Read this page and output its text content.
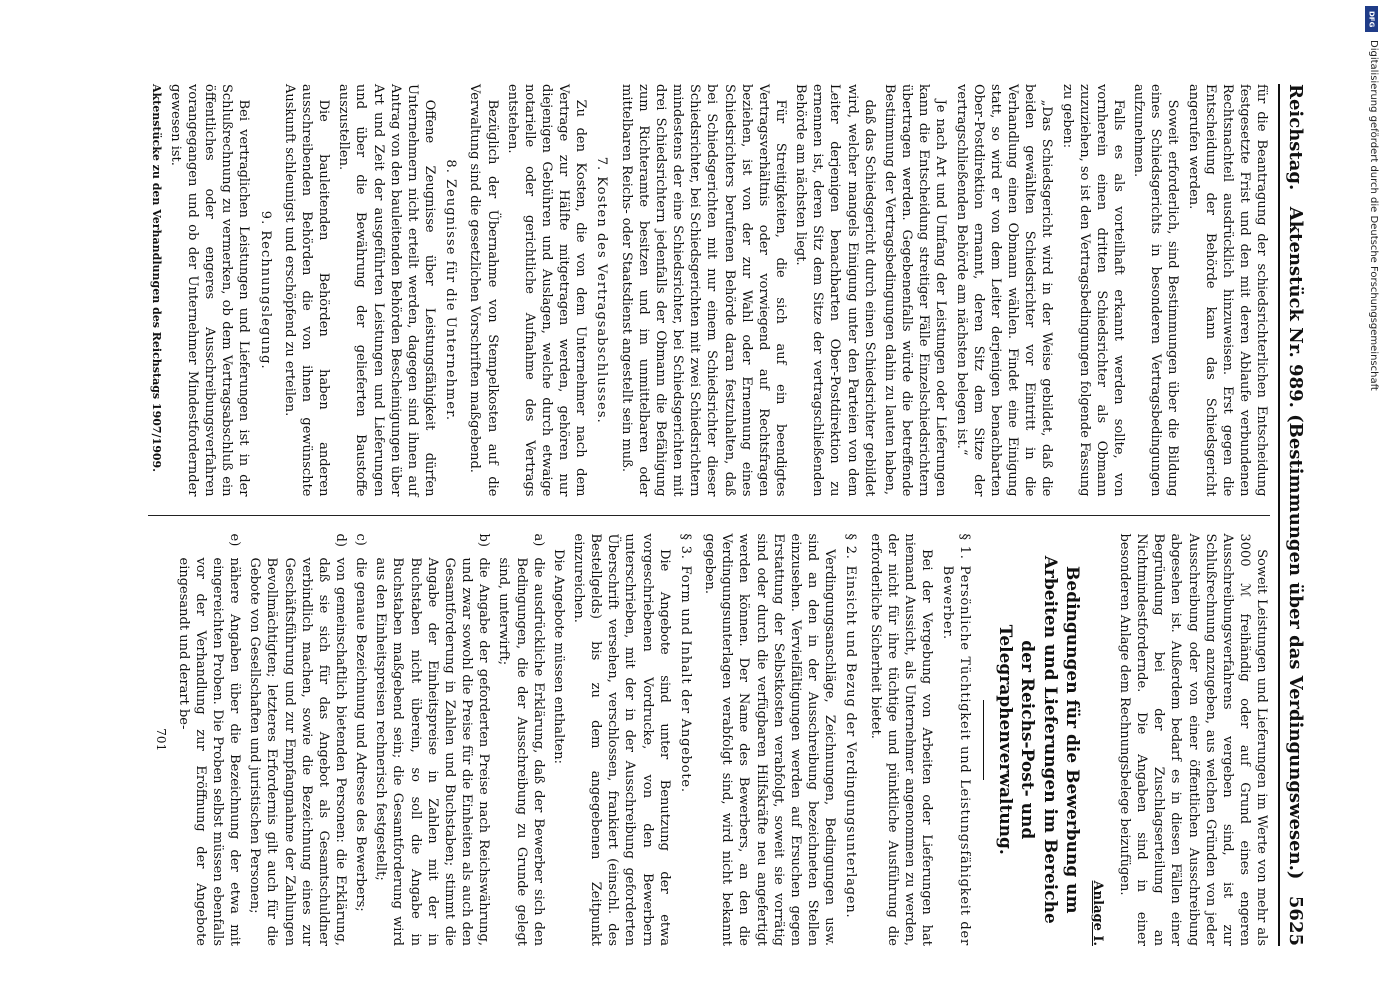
Reichstag.
Aktenstück Nr. 989. (Bestimmungen über das Verdingungswesen.)
5625

für die Beantragung der schiedsrichterlichen Entscheidung festgesetzte Frist und den mit deren Ablaufe verbundenen Rechtsnachteil ausdrücklich hinzuweisen. Erst gegen die Entscheidung der Behörde kann das Schiedsgericht angerufen werden.

Soweit erforderlich, sind Bestimmungen über die Bildung eines Schiedsgerichts in besonderen Vertragsbedingungen aufzunehmen.

Falls es als vorteilhaft erkannt werden sollte, von vornherein einen dritten Schiedsrichter als Obmann zuzuziehen, so ist den Vertragsbedingungen folgende Fassung zu geben:

„Das Schiedsgericht wird in der Weise gebildet, daß die beiden gewählten Schiedsrichter vor Eintritt in die Verhandlung einen Obmann wählen. Findet eine Einigung statt, so wird er von dem Leiter derjenigen benachbarten Ober-Postdirektion ernannt, deren Sitz dem Sitze der vertragschließenden Behörde am nächsten belegen ist.“

Je nach Art und Umfang der Leistungen oder Lieferungen kann die Entscheidung streitiger Fälle Einzelschiedsrichtern übertragen werden. Gegebenenfalls würde die betreffende Bestimmung der Vertragsbedingungen dahin zu lauten haben,

daß das Schiedsgericht durch einen Schiedsrichter gebildet wird, welcher mangels Einigung unter den Parteien von dem Leiter derjenigen benachbarten Ober-Postdirektion zu ernennen ist, deren Sitz dem Sitze der vertragschließenden Behörde am nächsten liegt.

Für Streitigkeiten, die sich auf ein beendigtes Vertragsverhältnis oder vorwiegend auf Rechtsfragen beziehen, ist von der zur Wahl oder Ernennung eines Schiedsrichters berufenen Behörde daran festzuhalten, daß bei Schiedsgerichten mit nur einem Schiedsrichter dieser Schiedsrichter, bei Schiedsgerichten mit zwei Schiedsrichtern mindestens der eine Schiedsrichter, bei Schiedsgerichten mit drei Schiedsrichtern jedenfalls der Obmann die Befähigung zum Richteramte besitzen und im unmittelbaren oder mittelbaren Reichs- oder Staatsdienst angestellt sein muß.

7. Kosten des Vertragsabschlusses.

Zu den Kosten, die von dem Unternehmer nach dem Vertrage zur Hälfte mitgetragen werden, gehören nur diejenigen Gebühren und Auslagen, welche durch etwaige notarielle oder gerichtliche Aufnahme des Vertrags entstehen.

Bezüglich der Übernahme von Stempelkosten auf die Verwaltung sind die gesetzlichen Vorschriften maßgebend.

8. Zeugnisse für die Unternehmer.

Offene Zeugnisse über Leistungsfähigkeit dürfen Unternehmern nicht erteilt werden, dagegen sind ihnen auf Antrag von den bauleitenden Behörden Bescheinigungen über Art und Zeit der ausgeführten Leistungen und Lieferungen und über die Bewährung der gelieferten Baustoffe auszustellen.

Die bauleitenden Behörden haben anderen ausschreibenden Behörden die von ihnen gewünschte Auskunft schleunigst und erschöpfend zu erteilen.

9. Rechnungslegung.

Bei vertraglichen Leistungen und Lieferungen ist in der Schlußrechnung zu vermerken, ob dem Vertragsabschluß ein öffentliches oder engeres Ausschreibungsverfahren vorangegangen und ob der Unternehmer Mindestfordernder gewesen ist.

Aktenstücke zu den Verhandlungen des Reichstags 1907/1909.

Soweit Leistungen und Lieferungen im Werte von mehr als 3000 ℳ freihändig oder auf Grund eines engeren Ausschreibungsverfahrens vergeben sind, ist zur Schlußrechnung anzugeben, aus welchen Gründen von jeder Ausschreibung oder von einer öffentlichen Ausschreibung abgesehen ist. Außerdem bedarf es in diesen Fällen einer Begründung bei der Zuschlagserteilung an Nichtmindestfordernde. Die Angaben sind in einer besonderen Anlage dem Rechnungsbelege beizufügen.

Anlage I.
Bedingungen für die Bewerbung um Arbeiten und Lieferungen im Bereiche der Reichs-Post- und Telegraphenverwaltung.
§ 1.
Persönliche Tüchtigkeit und Leistungsfähigkeit der Bewerber.

Bei der Vergebung von Arbeiten oder Lieferungen hat niemand Aussicht, als Unternehmer angenommen zu werden, der nicht für ihre tüchtige und pünktliche Ausführung die erforderliche Sicherheit bietet.

§ 2.
Einsicht und Bezug der Verdingungsunterlagen.

Verdingungsanschläge, Zeichnungen, Bedingungen usw. sind an den in der Ausschreibung bezeichneten Stellen einzusehen. Vervielfältigungen werden auf Ersuchen gegen Erstattung der Selbstkosten verabfolgt, soweit sie vorrätig sind oder durch die verfügbaren Hilfskräfte neu angefertigt werden können. Der Name des Bewerbers, an den die Verdingungsunterlagen verabfolgt sind, wird nicht bekannt gegeben.

§ 3.
Form und Inhalt der Angebote.

Die Angebote sind unter Benutzung der etwa vorgeschriebenen Vordrucke, von den Bewerbern unterschrieben, mit der in der Ausschreibung geforderten Überschrift versehen, verschlossen, frankiert (einschl. des Bestellgelds) bis zu dem angegebenen Zeitpunkt einzureichen.

Die Angebote müssen enthalten:

a)
die ausdrückliche Erklärung, daß der Bewerber sich den Bedingungen, die der Ausschreibung zu Grunde gelegt sind, unterwirft;
b)
die Angabe der geforderten Preise nach Reichswährung, und zwar sowohl die Preise für die Einheiten als auch den Gesamtforderung in Zahlen und Buchstaben; stimmt die Angabe der Einheitspreise in Zahlen mit der in Buchstaben nicht überein, so soll die Angabe in Buchstaben maßgebend sein; die Gesamtforderung wird aus den Einheitspreisen rechnerisch festgestellt;
c)
die genaue Bezeichnung und Adresse des Bewerbers;
d)
von gemeinschaftlich bietenden Personen: die Erklärung, daß sie sich für das Angebot als Gesamtschuldner verbindlich machen, sowie die Bezeichnung eines zur Geschäftsführung und zur Empfangnahme der Zahlungen Bevollmächtigten; letzteres Erfordernis gilt auch für die Gebote von Gesellschaften und juristischen Personen;
e)
nähere Angaben über die Bezeichnung der etwa mit eingereichten Proben. Die Proben selbst müssen ebenfalls vor der Verhandlung zur Eröffnung der Angebote eingesandt und derart be-
701
DFG
Digitalisierung gefördert durch die Deutsche Forschungsgemeinschaft
